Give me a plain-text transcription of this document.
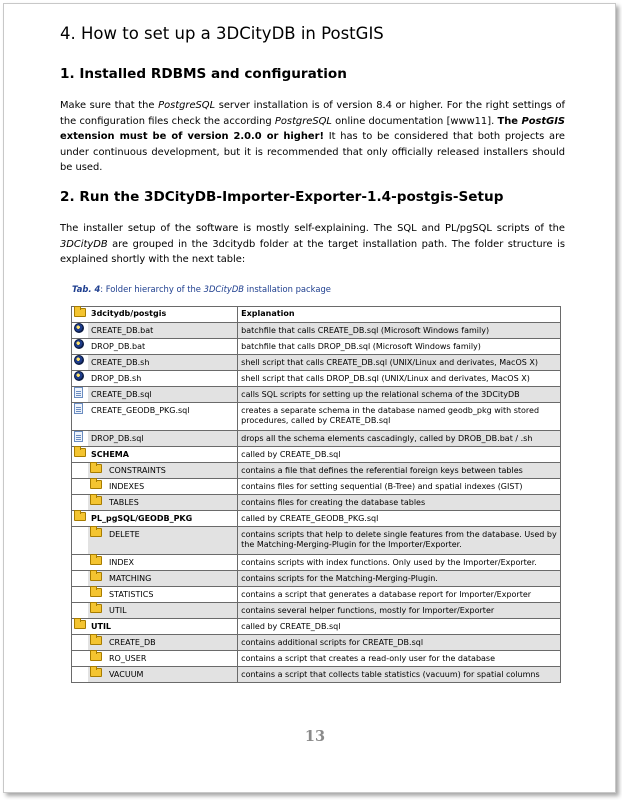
4. How to set up a 3DCityDB in PostGIS
1. Installed RDBMS and configuration

Make sure that the PostgreSQL server installation is of version 8.4 or higher. For the right settings of the configuration files check the according PostgreSQL online documentation [www11]. The PostGIS extension must be of version 2.0.0 or higher! It has to be considered that both projects are under continuous development, but it is recommended that only officially released installers should be used.

2. Run the 3DCityDB-Importer-Exporter-1.4-postgis-Setup

The installer setup of the software is mostly self-explaining. The SQL and PL/pgSQL scripts of the 3DCityDB are grouped in the 3dcitydb folder at the target installation path. The folder structure is explained shortly with the next table:

Tab. 4: Folder hierarchy of the 3DCityDB installation package

	3dcitydb/postgis		Explanation
	CREATE_DB.bat		batchfile that calls CREATE_DB.sql (Microsoft Windows family)
	DROP_DB.bat		batchfile that calls DROP_DB.sql (Microsoft Windows family)
	CREATE_DB.sh		shell script that calls CREATE_DB.sql (UNIX/Linux and derivates, MacOS X)
	DROP_DB.sh		shell script that calls DROP_DB.sql (UNIX/Linux and derivates, MacOS X)
	CREATE_DB.sql		calls SQL scripts for setting up the relational schema of the 3DCityDB
	CREATE_GEODB_PKG.sql		creates a separate schema in the database named geodb_pkg with stored procedures, called by CREATE_DB.sql
	DROP_DB.sql		drops all the schema elements cascadingly, called by DROB_DB.bat / .sh
	SCHEMA		called by CREATE_DB.sql
		CONSTRAINTS	contains a file that defines the referential foreign keys between tables
		INDEXES	contains files for setting sequential (B-Tree) and spatial indexes (GIST)
		TABLES	contains files for creating the database tables
	PL_pgSQL/GEODB_PKG		called by CREATE_GEODB_PKG.sql
		DELETE	contains scripts that help to delete single features from the database. Used by the Matching-Merging-Plugin for the Importer/Exporter.
		INDEX	contains scripts with index functions. Only used by the Importer/Exporter.
		MATCHING	contains scripts for the Matching-Merging-Plugin.
		STATISTICS	contains a script that generates a database report for Importer/Exporter
		UTIL	contains several helper functions, mostly for Importer/Exporter
	UTIL		called by CREATE_DB.sql
		CREATE_DB	contains additional scripts for CREATE_DB.sql
		RO_USER	contains a script that creates a read-only user for the database
		VACUUM	contains a script that collects table statistics (vacuum) for spatial columns

13
